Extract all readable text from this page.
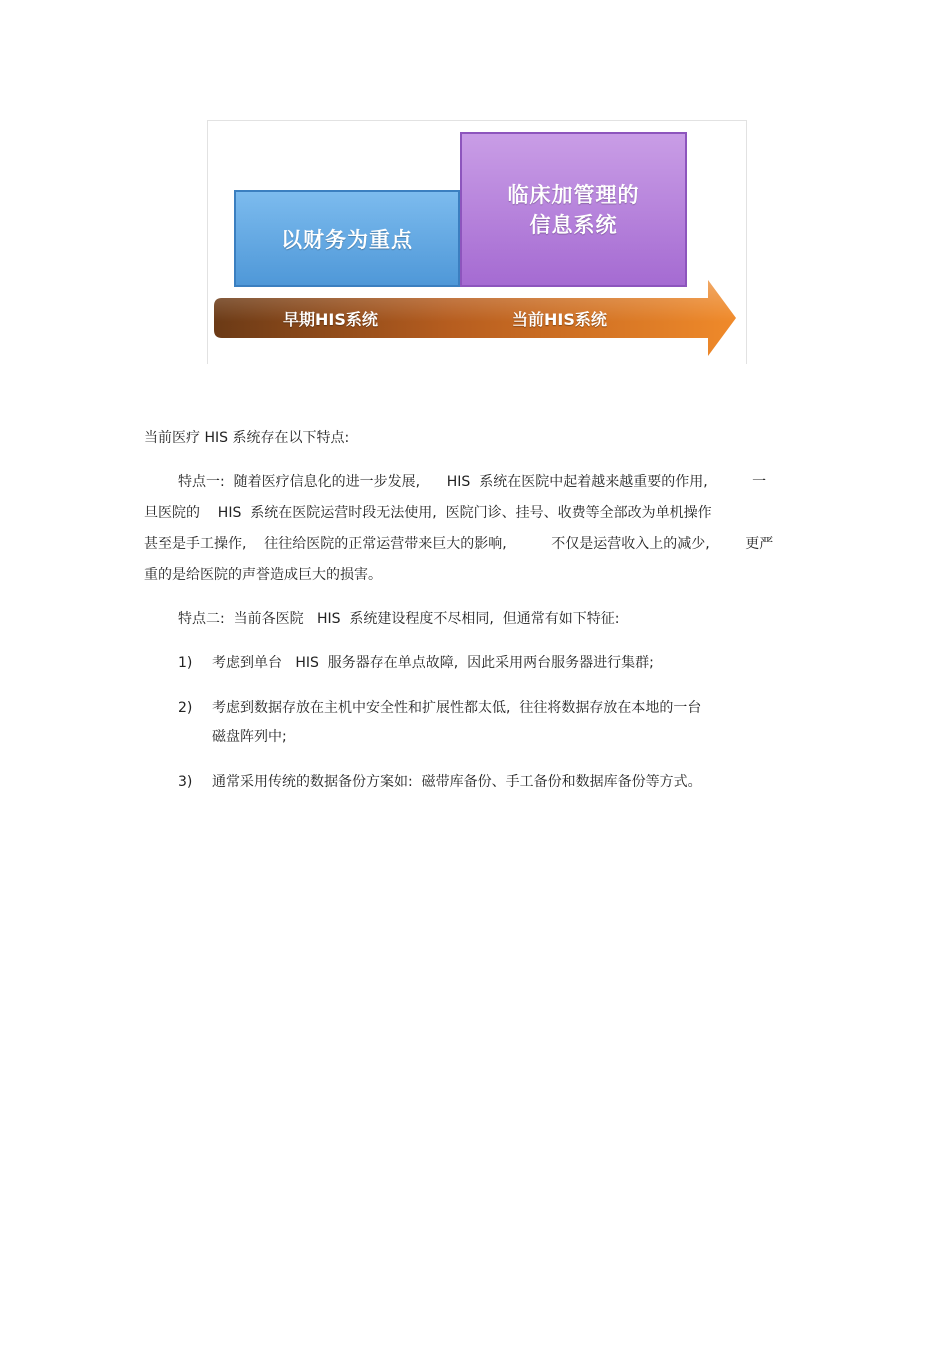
以财务为重点
临床加管理的
信息系统
早期HIS系统	当前HIS系统
当前医疗 HIS 系统存在以下特点:
特点一:  随着医疗信息化的进一步发展,      HIS  系统在医院中起着越来越重要的作用,          一
旦医院的    HIS  系统在医院运营时段无法使用,  医院门诊、挂号、收费等全部改为单机操作
甚至是手工操作,    往往给医院的正常运营带来巨大的影响,          不仅是运营收入上的减少,        更严
重的是给医院的声誉造成巨大的损害。
特点二:  当前各医院   HIS  系统建设程度不尽相同,  但通常有如下特征:
1) 考虑到单台   HIS  服务器存在单点故障,  因此采用两台服务器进行集群;
2) 考虑到数据存放在主机中安全性和扩展性都太低,  往往将数据存放在本地的一台
磁盘阵列中;
3) 通常采用传统的数据备份方案如:  磁带库备份、手工备份和数据库备份等方式。
